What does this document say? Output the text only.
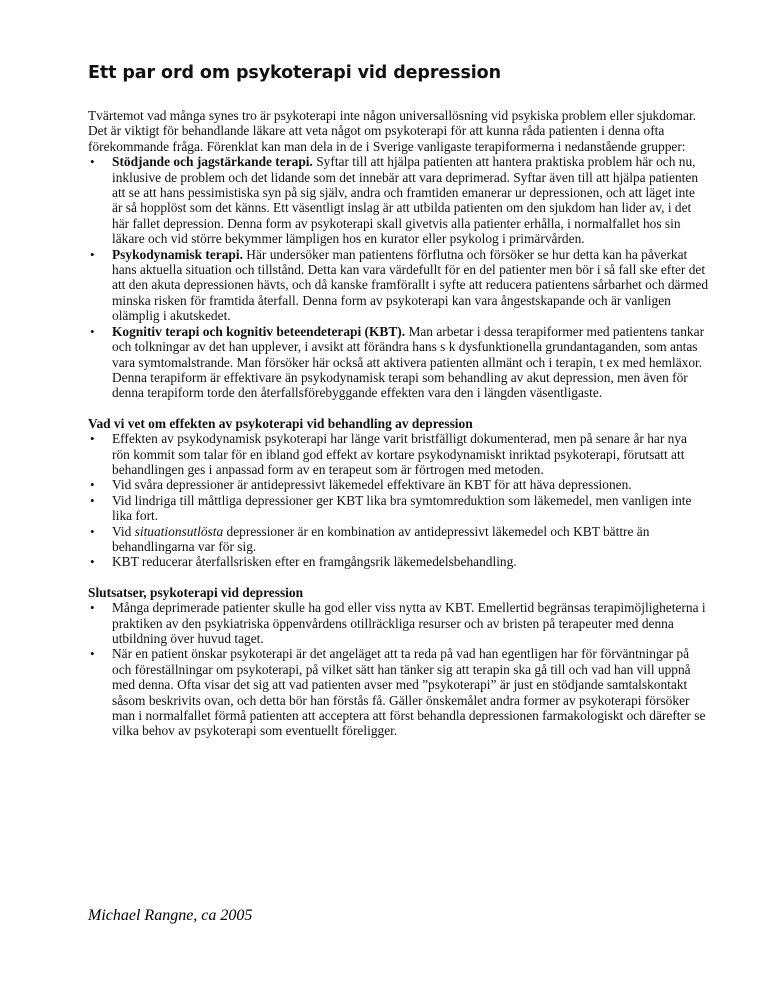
Ett par ord om psykoterapi vid depression

Tvärtemot vad många synes tro är psykoterapi inte någon universallösning vid psykiska problem eller sjukdomar. Det är viktigt för behandlande läkare att veta något om psykoterapi för att kunna råda patienten i denna ofta förekommande fråga. Förenklat kan man dela in de i Sverige vanligaste terapiformerna i nedanstående grupper:

• Stödjande och jagstärkande terapi. Syftar till att hjälpa patienten att hantera praktiska problem här och nu, inklusive de problem och det lidande som det innebär att vara deprimerad. Syftar även till att hjälpa patienten att se att hans pessimistiska syn på sig själv, andra och framtiden emanerar ur depressionen, och att läget inte är så hopplöst som det känns. Ett väsentligt inslag är att utbilda patienten om den sjukdom han lider av, i det här fallet depression. Denna form av psykoterapi skall givetvis alla patienter erhålla, i normalfallet hos sin läkare och vid större bekymmer lämpligen hos en kurator eller psykolog i primärvården.
• Psykodynamisk terapi. Här undersöker man patientens förflutna och försöker se hur detta kan ha påverkat hans aktuella situation och tillstånd. Detta kan vara värdefullt för en del patienter men bör i så fall ske efter det att den akuta depressionen hävts, och då kanske framförallt i syfte att reducera patientens sårbarhet och därmed minska risken för framtida återfall. Denna form av psykoterapi kan vara ångestskapande och är vanligen olämplig i akutskedet.
• Kognitiv terapi och kognitiv beteendeterapi (KBT). Man arbetar i dessa terapiformer med patientens tankar och tolkningar av det han upplever, i avsikt att förändra hans s k dysfunktionella grundantaganden, som antas vara symtomalstrande. Man försöker här också att aktivera patienten allmänt och i terapin, t ex med hemläxor. Denna terapiform är effektivare än psykodynamisk terapi som behandling av akut depression, men även för denna terapiform torde den återfallsförebyggande effekten vara den i längden väsentligaste.
Vad vi vet om effekten av psykoterapi vid behandling av depression
• Effekten av psykodynamisk psykoterapi har länge varit bristfälligt dokumenterad, men på senare år har nya rön kommit som talar för en ibland god effekt av kortare psykodynamiskt inriktad psykoterapi, förutsatt att behandlingen ges i anpassad form av en terapeut som är förtrogen med metoden.
• Vid svåra depressioner är antidepressivt läkemedel effektivare än KBT för att häva depressionen.
• Vid lindriga till måttliga depressioner ger KBT lika bra symtomreduktion som läkemedel, men vanligen inte lika fort.
• Vid situationsutlösta depressioner är en kombination av antidepressivt läkemedel och KBT bättre än behandlingarna var för sig.
• KBT reducerar återfallsrisken efter en framgångsrik läkemedelsbehandling.
Slutsatser, psykoterapi vid depression
• Många deprimerade patienter skulle ha god eller viss nytta av KBT. Emellertid begränsas terapimöjligheterna i praktiken av den psykiatriska öppenvårdens otillräckliga resurser och av bristen på terapeuter med denna utbildning över huvud taget.
• När en patient önskar psykoterapi är det angeläget att ta reda på vad han egentligen har för förväntningar på och föreställningar om psykoterapi, på vilket sätt han tänker sig att terapin ska gå till och vad han vill uppnå med denna. Ofta visar det sig att vad patienten avser med ”psykoterapi” är just en stödjande samtalskontakt såsom beskrivits ovan, och detta bör han förstås få. Gäller önskemålet andra former av psykoterapi försöker man i normalfallet förmå patienten att acceptera att först behandla depressionen farmakologiskt och därefter se vilka behov av psykoterapi som eventuellt föreligger.
Michael Rangne, ca 2005
